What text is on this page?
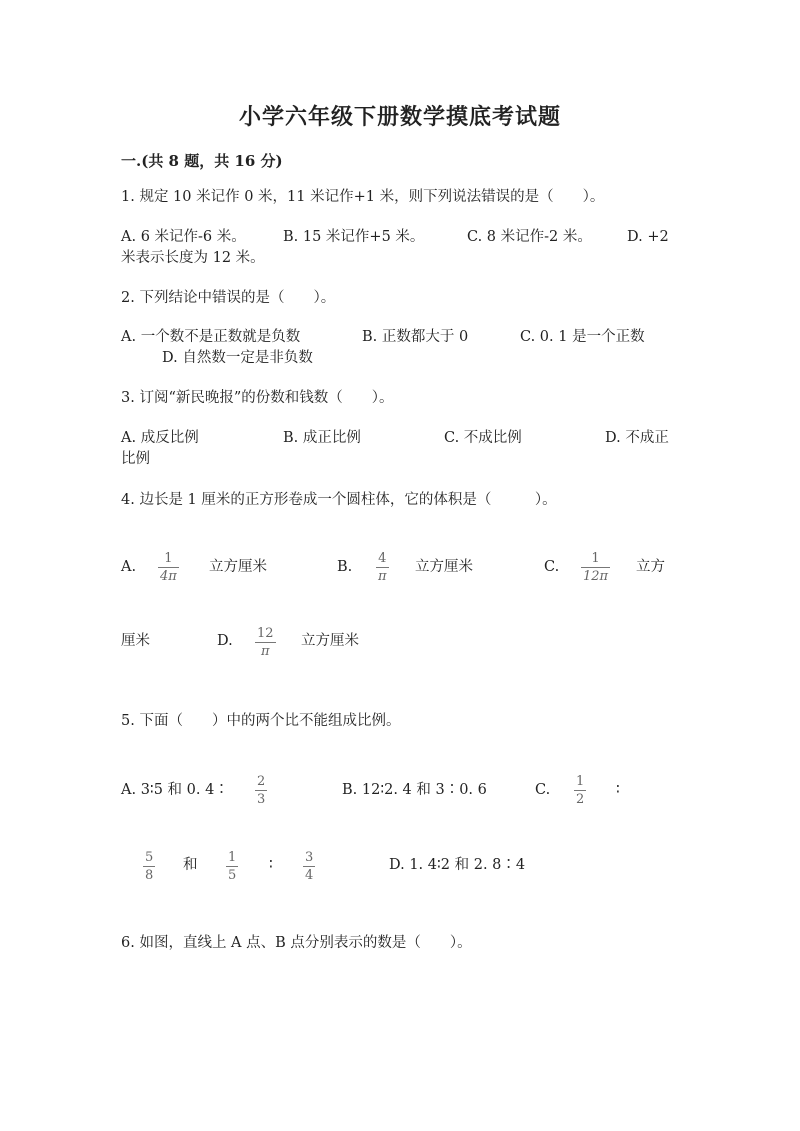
小学六年级下册数学摸底考试题
一.(共 8 题，共 16 分)
1. 规定 10 米记作 0 米，11 米记作+1 米，则下列说法错误的是（　　）。
A. 6 米记作-6 米。	B. 15 米记作+5 米。	C. 8 米记作-2 米。 D. +2
米表示长度为 12 米。
2. 下列结论中错误的是（　　）。
A. 一个数不是正数就是负数	B. 正数都大于 0	C. 0. 1 是一个正数
D. 自然数一定是非负数
3. 订阅“新民晚报”的份数和钱数（　　）。
A. 成反比例	B. 成正比例	C. 不成比例	D. 不成正
比例
4. 边长是 1 厘米的正方形卷成一个圆柱体，它的体积是（　　　）。
A.
1
4π
立方厘米	B.
4
π
立方厘米	C.
1
12π
立方
厘米	D. 12
π
立方厘米
5. 下面（　　）中的两个比不能组成比例。
A. 3∶5 和 0. 4∶
2
3
B. 12∶2. 4 和 3∶0. 6	C.
1
2
∶
5
8
和 1
5
∶ 3
4
D. 1. 4∶2 和 2. 8∶4
6. 如图，直线上 A 点、B 点分别表示的数是（　　）。
